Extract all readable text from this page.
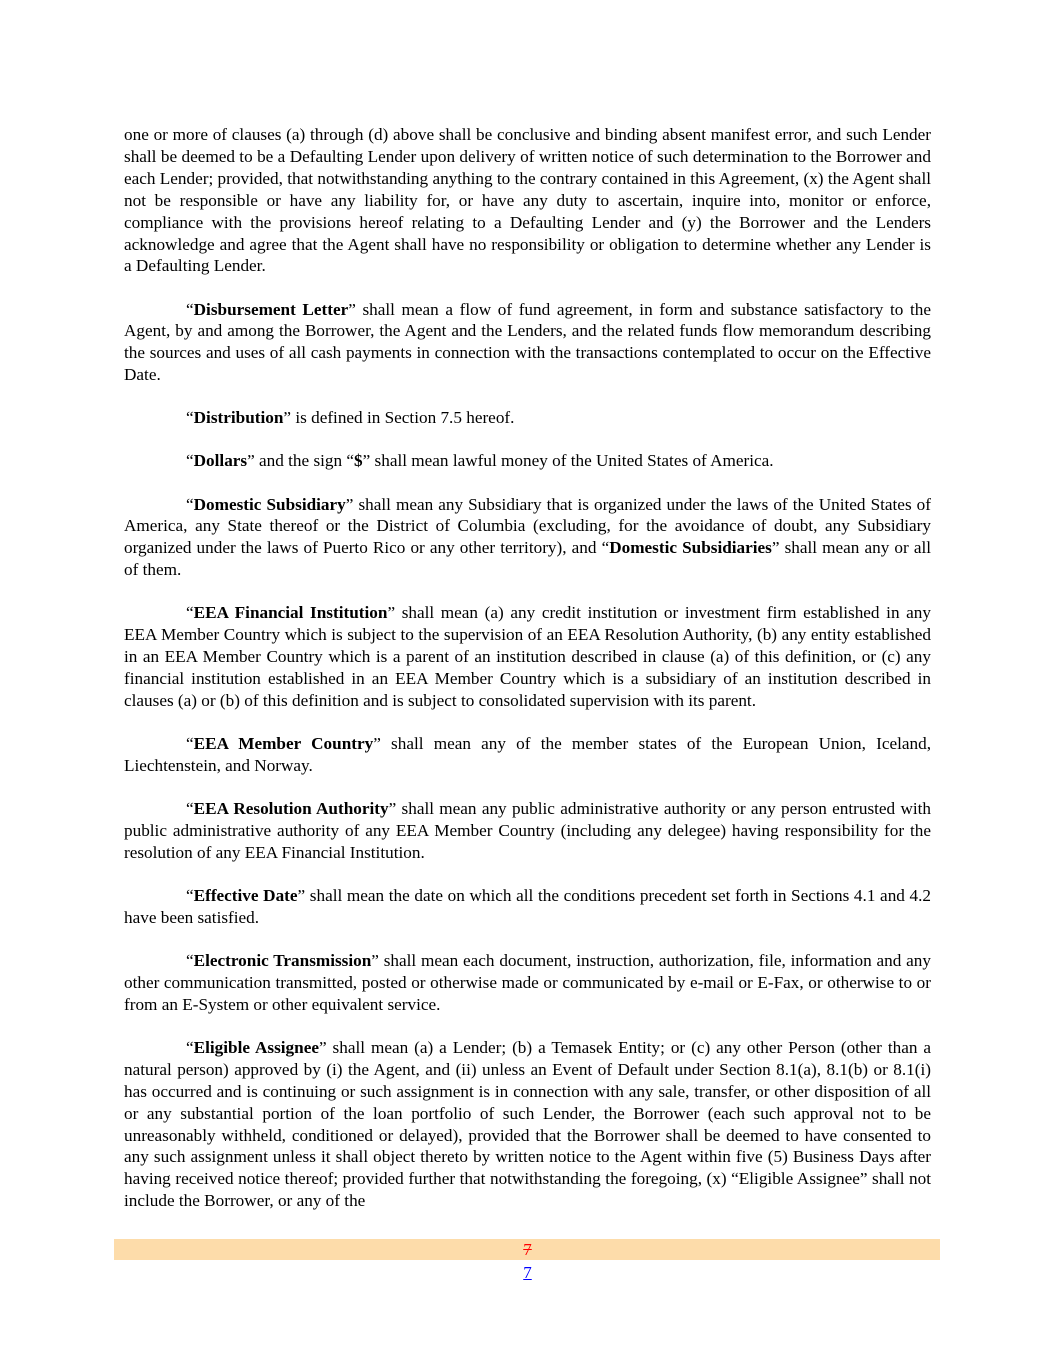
one or more of clauses (a) through (d) above shall be conclusive and binding absent manifest error, and such Lender shall be deemed to be a Defaulting Lender upon delivery of written notice of such determination to the Borrower and each Lender; provided, that notwithstanding anything to the contrary contained in this Agreement, (x) the Agent shall not be responsible or have any liability for, or have any duty to ascertain, inquire into, monitor or enforce, compliance with the provisions hereof relating to a Defaulting Lender and (y) the Borrower and the Lenders acknowledge and agree that the Agent shall have no responsibility or obligation to determine whether any Lender is a Defaulting Lender.

“Disbursement Letter” shall mean a flow of fund agreement, in form and substance satisfactory to the Agent, by and among the Borrower, the Agent and the Lenders, and the related funds flow memorandum describing the sources and uses of all cash payments in connection with the transactions contemplated to occur on the Effective Date.

“Distribution” is defined in Section 7.5 hereof.

“Dollars” and the sign “$” shall mean lawful money of the United States of America.

“Domestic Subsidiary” shall mean any Subsidiary that is organized under the laws of the United States of America, any State thereof or the District of Columbia (excluding, for the avoidance of doubt, any Subsidiary organized under the laws of Puerto Rico or any other territory), and “Domestic Subsidiaries” shall mean any or all of them.

“EEA Financial Institution” shall mean (a) any credit institution or investment firm established in any EEA Member Country which is subject to the supervision of an EEA Resolution Authority, (b) any entity established in an EEA Member Country which is a parent of an institution described in clause (a) of this definition, or (c) any financial institution established in an EEA Member Country which is a subsidiary of an institution described in clauses (a) or (b) of this definition and is subject to consolidated supervision with its parent.

“EEA Member Country” shall mean any of the member states of the European Union, Iceland, Liechtenstein, and Norway.

“EEA Resolution Authority” shall mean any public administrative authority or any person entrusted with public administrative authority of any EEA Member Country (including any delegee) having responsibility for the resolution of any EEA Financial Institution.

“Effective Date” shall mean the date on which all the conditions precedent set forth in Sections 4.1 and 4.2 have been satisfied.

“Electronic Transmission” shall mean each document, instruction, authorization, file, information and any other communication transmitted, posted or otherwise made or communicated by e-mail or E-Fax, or otherwise to or from an E-System or other equivalent service.

“Eligible Assignee” shall mean (a) a Lender; (b) a Temasek Entity; or (c) any other Person (other than a natural person) approved by (i) the Agent, and (ii) unless an Event of Default under Section 8.1(a), 8.1(b) or 8.1(i) has occurred and is continuing or such assignment is in connection with any sale, transfer, or other disposition of all or any substantial portion of the loan portfolio of such Lender, the Borrower (each such approval not to be unreasonably withheld, conditioned or delayed), provided that the Borrower shall be deemed to have consented to any such assignment unless it shall object thereto by written notice to the Agent within five (5) Business Days after having received notice thereof; provided further that notwithstanding the foregoing, (x) “Eligible Assignee” shall not include the Borrower, or any of the

7
7
